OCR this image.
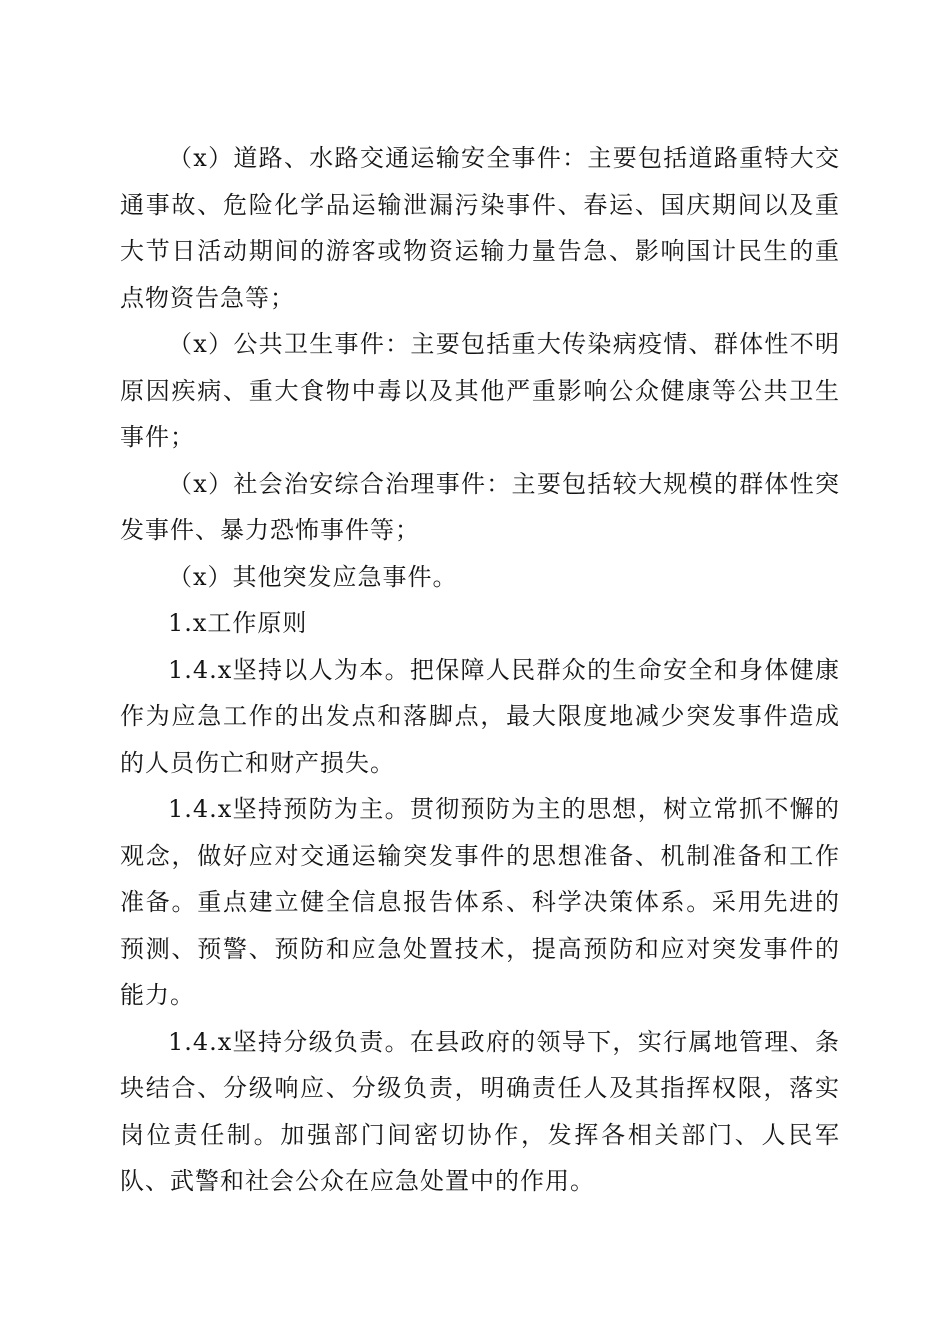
（x）道路、水路交通运输安全事件：主要包括道路重特大交通事故、危险化学品运输泄漏污染事件、春运、国庆期间以及重大节日活动期间的游客或物资运输力量告急、影响国计民生的重点物资告急等；

（x）公共卫生事件：主要包括重大传染病疫情、群体性不明原因疾病、重大食物中毒以及其他严重影响公众健康等公共卫生事件；

（x）社会治安综合治理事件：主要包括较大规模的群体性突发事件、暴力恐怖事件等；

（x）其他突发应急事件。

1.x工作原则

1.4.x坚持以人为本。把保障人民群众的生命安全和身体健康作为应急工作的出发点和落脚点，最大限度地减少突发事件造成的人员伤亡和财产损失。

1.4.x坚持预防为主。贯彻预防为主的思想，树立常抓不懈的观念，做好应对交通运输突发事件的思想准备、机制准备和工作准备。重点建立健全信息报告体系、科学决策体系。采用先进的预测、预警、预防和应急处置技术，提高预防和应对突发事件的能力。

1.4.x坚持分级负责。在县政府的领导下，实行属地管理、条块结合、分级响应、分级负责，明确责任人及其指挥权限，落实岗位责任制。加强部门间密切协作，发挥各相关部门、人民军队、武警和社会公众在应急处置中的作用。
